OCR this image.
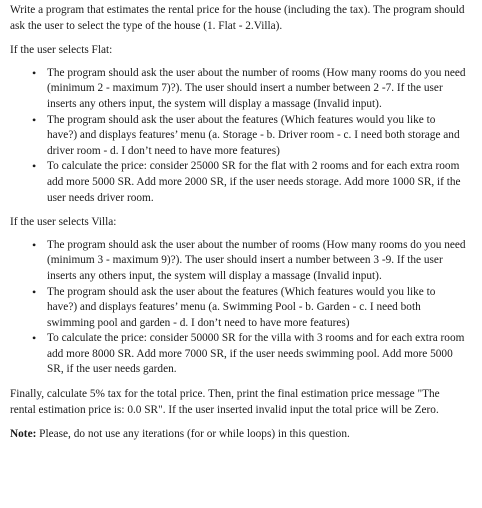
Write a program that estimates the rental price for the house (including the tax). The program should ask the user to select the type of the house (1. Flat - 2.Villa).

If the user selects Flat:

• The program should ask the user about the number of rooms (How many rooms do you need (minimum 2 - maximum 7)?). The user should insert a number between 2 -7. If the user inserts any others input, the system will display a massage (Invalid input).
• The program should ask the user about the features (Which features would you like to have?) and displays features’ menu (a. Storage - b. Driver room - c. I need both storage and driver room - d. I don’t need to have more features)
• To calculate the price: consider 25000 SR for the flat with 2 rooms and for each extra room add more 5000 SR. Add more 2000 SR, if the user needs storage. Add more 1000 SR, if the user needs driver room.

If the user selects Villa:

• The program should ask the user about the number of rooms (How many rooms do you need (minimum 3 - maximum 9)?). The user should insert a number between 3 -9. If the user inserts any others input, the system will display a massage (Invalid input).
• The program should ask the user about the features (Which features would you like to have?) and displays features’ menu (a. Swimming Pool - b. Garden - c. I need both swimming pool and garden - d. I don’t need to have more features)
• To calculate the price: consider 50000 SR for the villa with 3 rooms and for each extra room add more 8000 SR. Add more 7000 SR, if the user needs swimming pool. Add more 5000 SR, if the user needs garden.

Finally, calculate 5% tax for the total price. Then, print the final estimation price message "The rental estimation price is: 0.0 SR". If the user inserted invalid input the total price will be Zero.

Note: Please, do not use any iterations (for or while loops) in this question.
